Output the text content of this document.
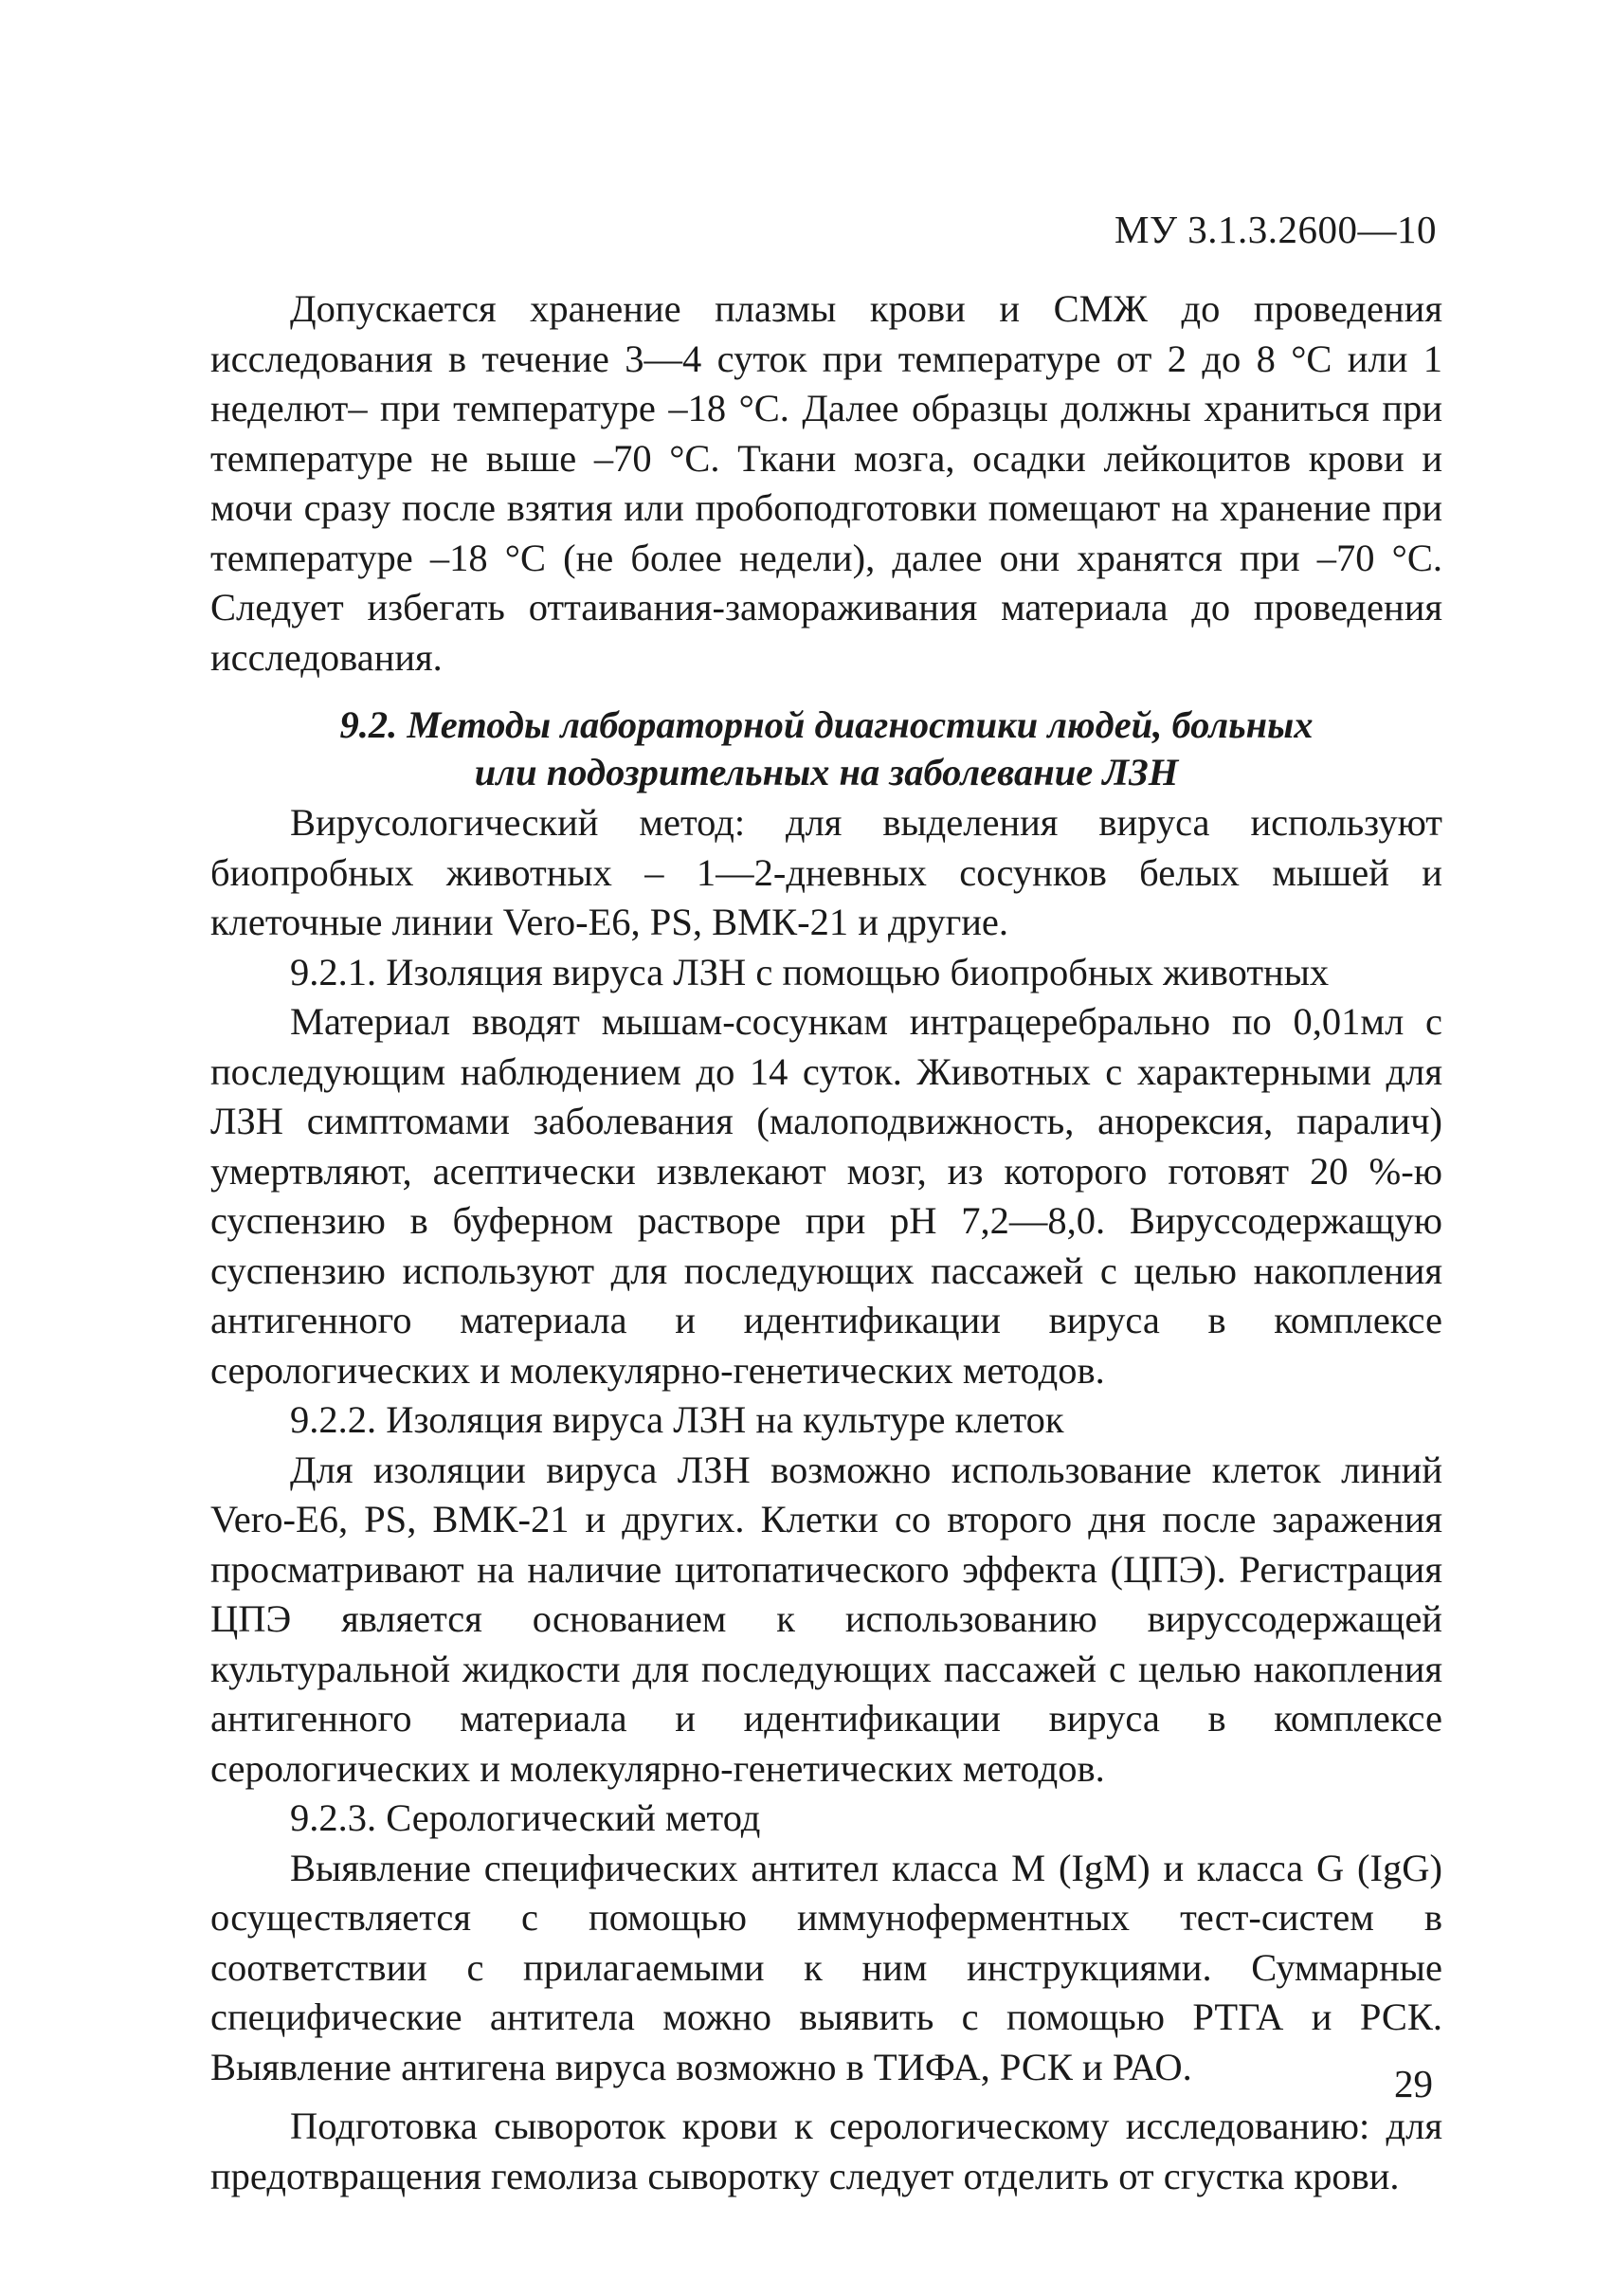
МУ 3.1.3.2600—10

Допускается хранение плазмы крови и СМЖ до проведения исследования в течение 3—4 суток при температуре от 2 до 8 °С или 1 неделют– при температуре –18 °С. Далее образцы должны храниться при температуре не выше –70 °С. Ткани мозга, осадки лейкоцитов крови и мочи сразу после взятия или пробоподготовки помещают на хранение при температуре –18 °С (не более недели), далее они хранятся при –70 °С. Следует избегать оттаивания-замораживания материала до проведения исследования.

9.2. Методы лабораторной диагностики людей, больных
или подозрительных на заболевание ЛЗН

Вирусологический метод: для выделения вируса используют биопробных животных – 1—2-дневных сосунков белых мышей и клеточные линии Vero-E6, PS, ВМК-21 и другие.

9.2.1. Изоляция вируса ЛЗН с помощью биопробных животных

Материал вводят мышам-сосункам интрацеребрально по 0,01мл с последующим наблюдением до 14 суток. Животных с характерными для ЛЗН симптомами заболевания (малоподвижность, анорексия, паралич) умертвляют, асептически извлекают мозг, из которого готовят 20 %-ю суспензию в буферном растворе при рН 7,2—8,0. Вируссодержащую суспензию используют для последующих пассажей с целью накопления антигенного материала и идентификации вируса в комплексе серологических и молекулярно-генетических методов.

9.2.2. Изоляция вируса ЛЗН на культуре клеток

Для изоляции вируса ЛЗН возможно использование клеток линий Vero-E6, PS, ВМК-21 и других. Клетки со второго дня после заражения просматривают на наличие цитопатического эффекта (ЦПЭ). Регистрация ЦПЭ является основанием к использованию вируссодержащей культуральной жидкости для последующих пассажей с целью накопления антигенного материала и идентификации вируса в комплексе серологических и молекулярно-генетических методов.

9.2.3. Серологический метод

Выявление специфических антител класса М (IgM) и класса G (IgG) осуществляется с помощью иммуноферментных тест-систем в соответствии с прилагаемыми к ним инструкциями. Суммарные специфические антитела можно выявить с помощью РТГА и РСК. Выявление антигена вируса возможно в ТИФА, РСК и РАО.

Подготовка сывороток крови к серологическому исследованию: для предотвращения гемолиза сыворотку следует отделить от сгустка крови.

29
